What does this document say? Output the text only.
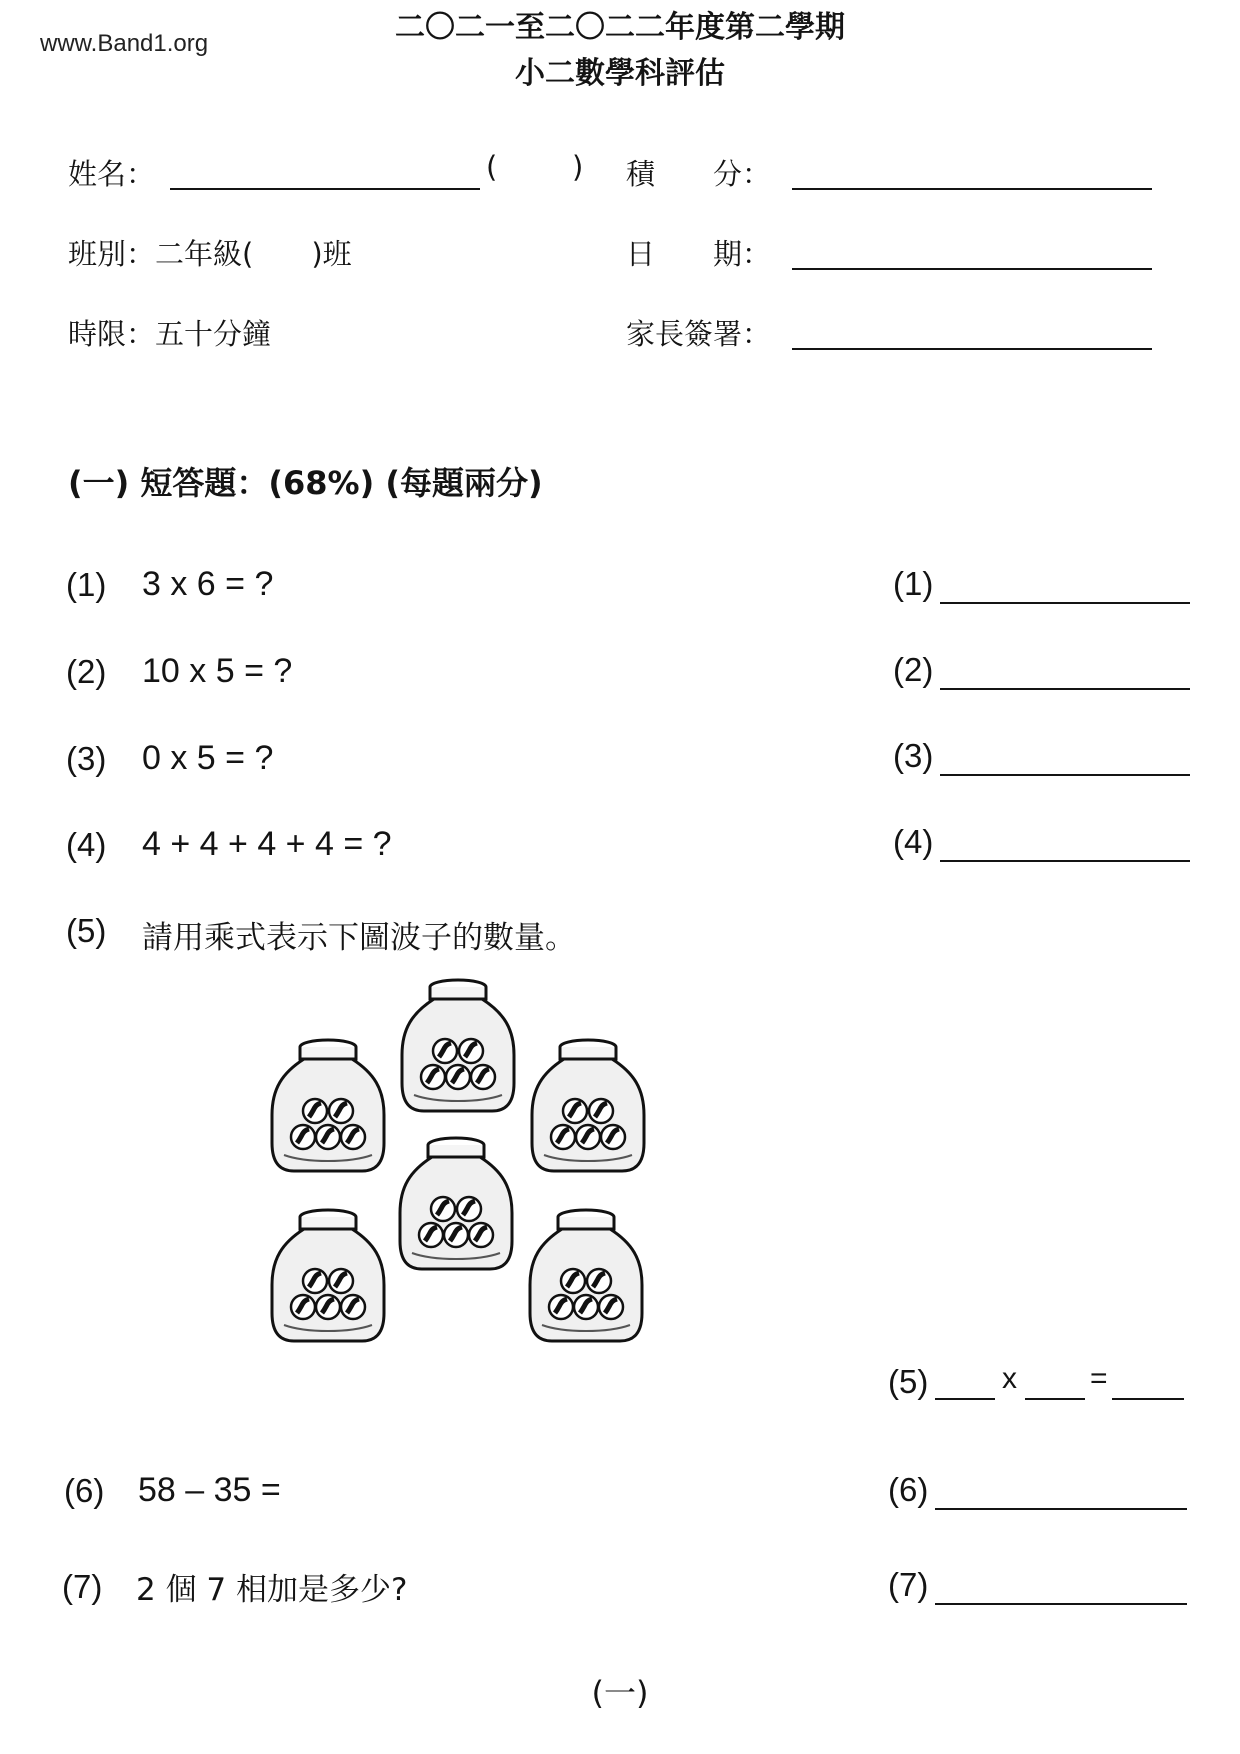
www.Band1.org	二〇二一至二〇二二年度第二學期
小二數學科評估
姓名：	(	) 積　　分：
班別：二年級(　　)班	日　　期：
時限：五十分鐘	家長簽署：
(一) 短答題：(68%) (每題兩分)
(1) 3 x 6 = ?	(1)
(2) 10 x 5 = ?	(2)
(3) 0 x 5 = ?	(3)
(4) 4 + 4 + 4 + 4 = ?	(4)
(5) 請用乘式表示下圖波子的數量。
(5) x =
(6) 58 – 35 =	(6)
(7) 2 個 7 相加是多少?	(7)
(一)
